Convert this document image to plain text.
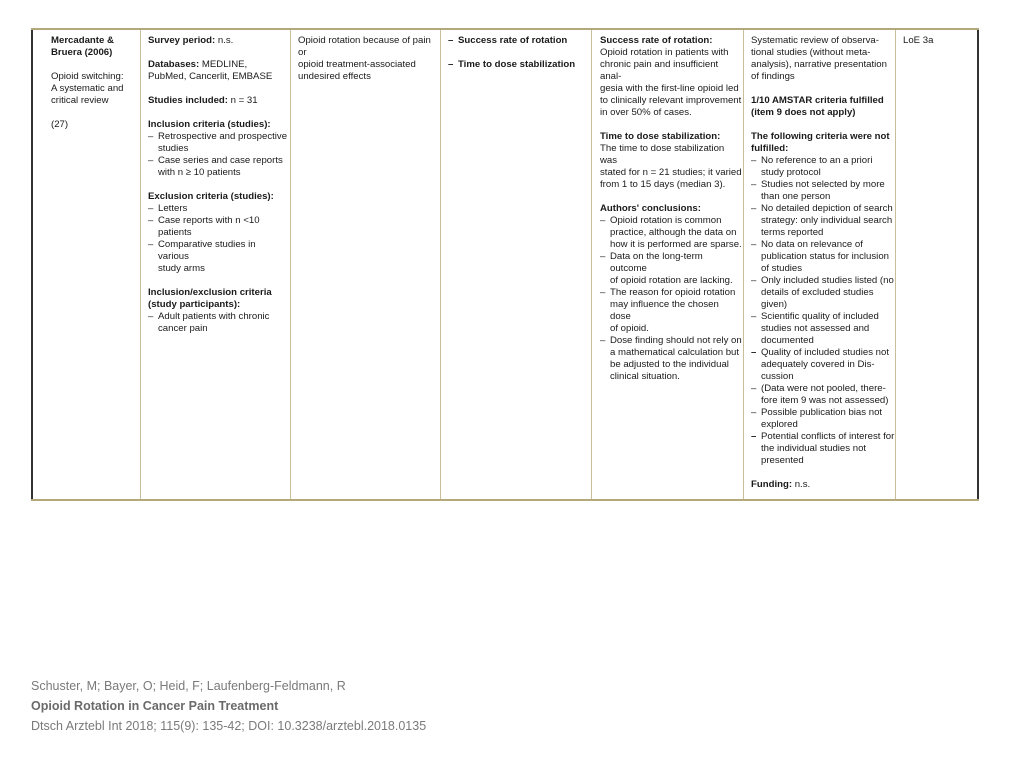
Mercadante &

Bruera (2006)

Opioid switching:

A systematic and

critical review

(27)

Survey period: n.s.

Databases: MEDLINE,

PubMed, Cancerlit, EMBASE

Studies included: n = 31

Inclusion criteria (studies):

– Retrospective and prospective
studies
– Case series and case reports
with n ≥ 10 patients

Exclusion criteria (studies):

– Letters
– Case reports with n <10
patients
– Comparative studies in various
study arms

Inclusion/exclusion criteria

(study participants):

– Adult patients with chronic
cancer pain

Opioid rotation because of pain or

opioid treatment-associated

undesired effects

– Success rate of rotation
– Time to dose stabilization

Success rate of rotation:

Opioid rotation in patients with

chronic pain and insufficient anal-

gesia with the first-line opioid led

to clinically relevant improvement

in over 50% of cases.

Time to dose stabilization:

The time to dose stabilization was

stated for n = 21 studies; it varied

from 1 to 15 days (median 3).

Authors' conclusions:

– Opioid rotation is common
practice, although the data on
how it is performed are sparse.
– Data on the long-term outcome
of opioid rotation are lacking.
– The reason for opioid rotation
may influence the chosen dose
of opioid.
– Dose finding should not rely on
a mathematical calculation but
be adjusted to the individual
clinical situation.

Systematic review of observa-

tional studies (without meta-

analysis), narrative presentation

of findings

1/10 AMSTAR criteria fulfilled

(item 9 does not apply)

The following criteria were not

fulfilled:

– No reference to an a priori
study protocol
– Studies not selected by more
than one person
– No detailed depiction of search
strategy: only individual search
terms reported
– No data on relevance of
publication status for inclusion
of studies
– Only included studies listed (no
details of excluded studies
given)
– Scientific quality of included
studies not assessed and
documented
– Quality of included studies not
adequately covered in Dis-
cussion
– (Data were not pooled, there-
fore item 9 was not assessed)
– Possible publication bias not
explored
– Potential conflicts of interest for
the individual studies not
presented

Funding: n.s.

LoE 3a

Schuster, M; Bayer, O; Heid, F; Laufenberg-Feldmann, R
Opioid Rotation in Cancer Pain Treatment
Dtsch Arztebl Int 2018; 115(9): 135-42; DOI: 10.3238/arztebl.2018.0135
